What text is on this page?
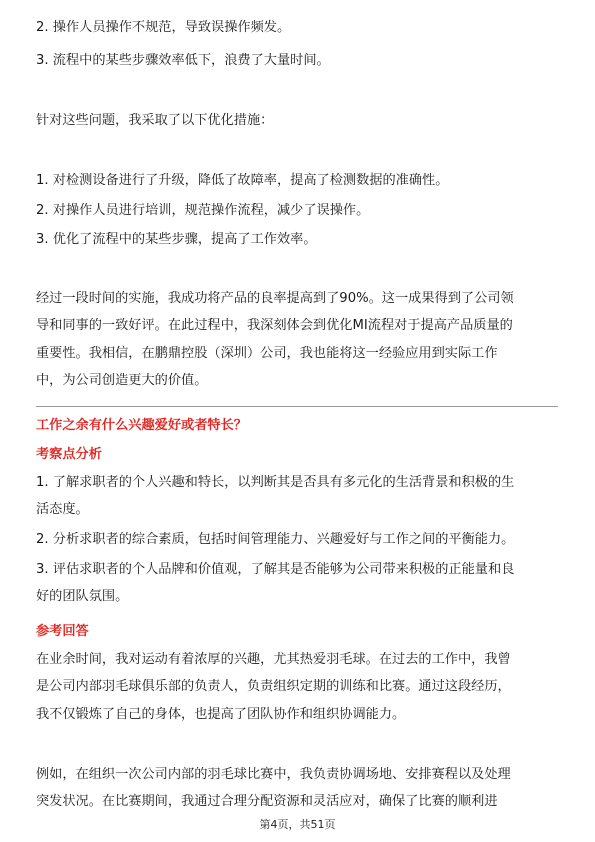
2. 操作人员操作不规范，导致误操作频发。
3. 流程中的某些步骤效率低下，浪费了大量时间。
针对这些问题，我采取了以下优化措施：
1. 对检测设备进行了升级，降低了故障率，提高了检测数据的准确性。
2. 对操作人员进行培训，规范操作流程，减少了误操作。
3. 优化了流程中的某些步骤，提高了工作效率。
经过一段时间的实施，我成功将产品的良率提高到了90%。这一成果得到了公司领
导和同事的一致好评。在此过程中，我深刻体会到优化MI流程对于提高产品质量的
重要性。我相信，在鹏鼎控股（深圳）公司，我也能将这一经验应用到实际工作
中，为公司创造更大的价值。
工作之余有什么兴趣爱好或者特长？
考察点分析
1. 了解求职者的个人兴趣和特长，以判断其是否具有多元化的生活背景和积极的生
活态度。
2. 分析求职者的综合素质，包括时间管理能力、兴趣爱好与工作之间的平衡能力。
3. 评估求职者的个人品牌和价值观，了解其是否能够为公司带来积极的正能量和良
好的团队氛围。
参考回答
在业余时间，我对运动有着浓厚的兴趣，尤其热爱羽毛球。在过去的工作中，我曾
是公司内部羽毛球俱乐部的负责人，负责组织定期的训练和比赛。通过这段经历，
我不仅锻炼了自己的身体，也提高了团队协作和组织协调能力。
例如，在组织一次公司内部的羽毛球比赛中，我负责协调场地、安排赛程以及处理
突发状况。在比赛期间，我通过合理分配资源和灵活应对，确保了比赛的顺利进
第4页，共51页
